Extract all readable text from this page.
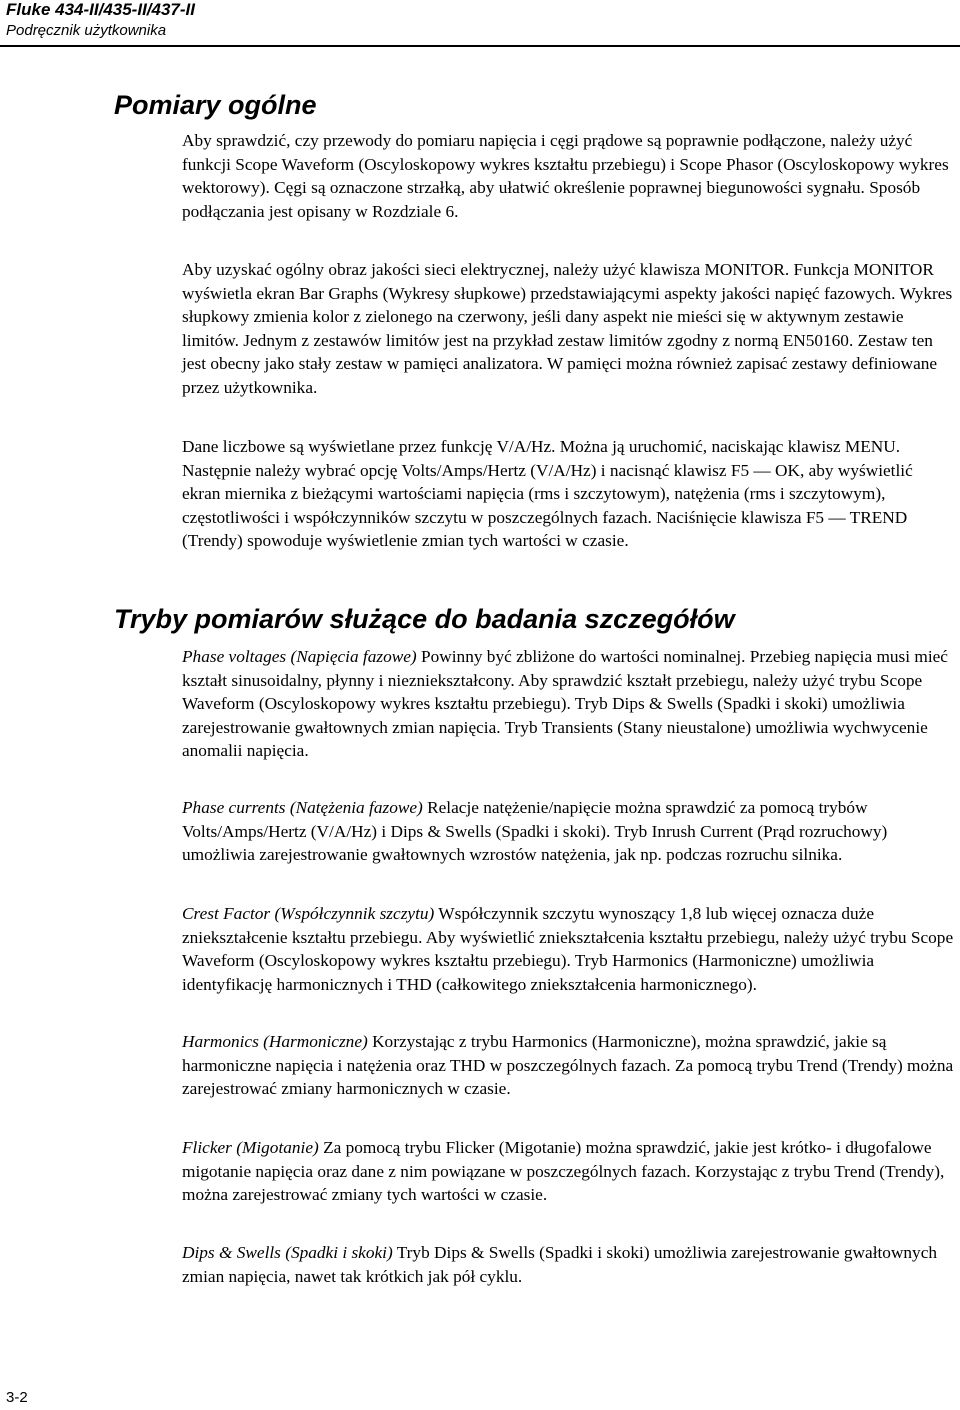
Fluke 434-II/435-II/437-II
Podręcznik użytkownika
Pomiary ogólne

Aby sprawdzić, czy przewody do pomiaru napięcia i cęgi prądowe są poprawnie podłączone, należy użyć funkcji Scope Waveform (Oscyloskopowy wykres kształtu przebiegu) i Scope Phasor (Oscyloskopowy wykres wektorowy). Cęgi są oznaczone strzałką, aby ułatwić określenie poprawnej biegunowości sygnału. Sposób podłączania jest opisany w Rozdziale 6.

Aby uzyskać ogólny obraz jakości sieci elektrycznej, należy użyć klawisza MONITOR. Funkcja MONITOR wyświetla ekran Bar Graphs (Wykresy słupkowe) przedstawiającymi aspekty jakości napięć fazowych. Wykres słupkowy zmienia kolor z zielonego na czerwony, jeśli dany aspekt nie mieści się w aktywnym zestawie limitów. Jednym z zestawów limitów jest na przykład zestaw limitów zgodny z normą EN50160. Zestaw ten jest obecny jako stały zestaw w pamięci analizatora. W pamięci można również zapisać zestawy definiowane przez użytkownika.

Dane liczbowe są wyświetlane przez funkcję V/A/Hz. Można ją uruchomić, naciskając klawisz MENU. Następnie należy wybrać opcję Volts/Amps/Hertz (V/A/Hz) i nacisnąć klawisz F5 — OK, aby wyświetlić ekran miernika z bieżącymi wartościami napięcia (rms i szczytowym), natężenia (rms i szczytowym), częstotliwości i współczynników szczytu w poszczególnych fazach. Naciśnięcie klawisza F5 — TREND (Trendy) spowoduje wyświetlenie zmian tych wartości w czasie.

Tryby pomiarów służące do badania szczegółów

Phase voltages (Napięcia fazowe) Powinny być zbliżone do wartości nominalnej. Przebieg napięcia musi mieć kształt sinusoidalny, płynny i niezniekształcony. Aby sprawdzić kształt przebiegu, należy użyć trybu Scope Waveform (Oscyloskopowy wykres kształtu przebiegu). Tryb Dips & Swells (Spadki i skoki) umożliwia zarejestrowanie gwałtownych zmian napięcia. Tryb Transients (Stany nieustalone) umożliwia wychwycenie anomalii napięcia.

Phase currents (Natężenia fazowe) Relacje natężenie/napięcie można sprawdzić za pomocą trybów Volts/Amps/Hertz (V/A/Hz) i Dips & Swells (Spadki i skoki). Tryb Inrush Current (Prąd rozruchowy) umożliwia zarejestrowanie gwałtownych wzrostów natężenia, jak np. podczas rozruchu silnika.

Crest Factor (Współczynnik szczytu) Współczynnik szczytu wynoszący 1,8 lub więcej oznacza duże zniekształcenie kształtu przebiegu. Aby wyświetlić zniekształcenia kształtu przebiegu, należy użyć trybu Scope Waveform (Oscyloskopowy wykres kształtu przebiegu). Tryb Harmonics (Harmoniczne) umożliwia identyfikację harmonicznych i THD (całkowitego zniekształcenia harmonicznego).

Harmonics (Harmoniczne) Korzystając z trybu Harmonics (Harmoniczne), można sprawdzić, jakie są harmoniczne napięcia i natężenia oraz THD w poszczególnych fazach. Za pomocą trybu Trend (Trendy) można zarejestrować zmiany harmonicznych w czasie.

Flicker (Migotanie) Za pomocą trybu Flicker (Migotanie) można sprawdzić, jakie jest krótko- i długofalowe migotanie napięcia oraz dane z nim powiązane w poszczególnych fazach. Korzystając z trybu Trend (Trendy), można zarejestrować zmiany tych wartości w czasie.

Dips & Swells (Spadki i skoki) Tryb Dips & Swells (Spadki i skoki) umożliwia zarejestrowanie gwałtownych zmian napięcia, nawet tak krótkich jak pół cyklu.

3-2
